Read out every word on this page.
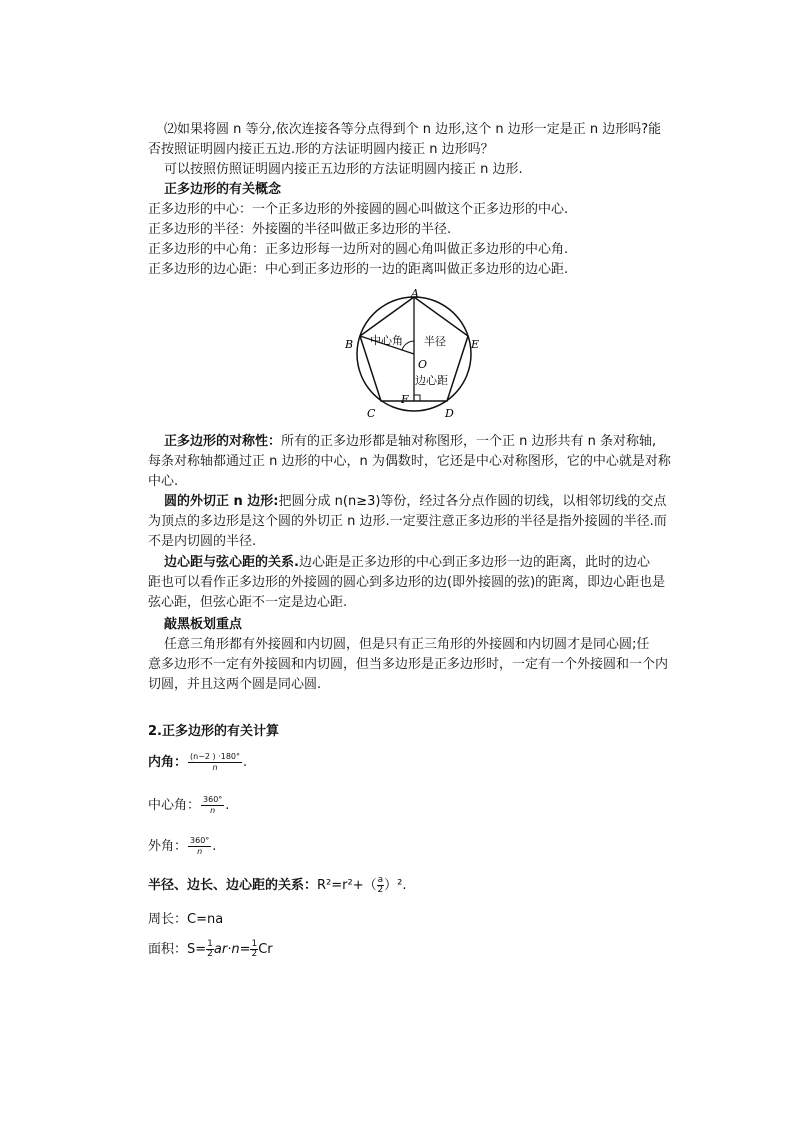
⑵如果将圆 n 等分,依次连接各等分点得到个 n 边形,这个 n 边形一定是正 n 边形吗?能
否按照证明圆内接正五边.形的方法证明圆内接正 n 边形吗？
可以按照仿照证明圆内接正五边形的方法证明圆内接正 n 边形.
正多边形的有关概念
正多边形的中心：一个正多边形的外接圆的圆心叫做这个正多边形的中心.
正多边形的半径：外接圈的半径叫做正多边形的半径.
正多边形的中心角：正多边形每一边所对的圆心角叫做正多边形的中心角.
正多边形的边心距：中心到正多边形的一边的距离叫做正多边形的边心距.
A
B
C	D
E
F
O
中心角 半径
边心距
正多边形的对称性：所有的正多边形都是轴对称图形，一个正 n 边形共有 n 条对称轴,
每条对称轴都通过正 n 边形的中心，n 为偶数时，它还是中心对称图形，它的中心就是对称
中心.
圆的外切正 n 边形:把圆分成 n(n≥3)等份，经过各分点作圆的切线，以相邻切线的交点
为顶点的多边形是这个圆的外切正 n 边形.一定要注意正多边形的半径是指外接圆的半径.而
不是内切圆的半径.
边心距与弦心距的关系.边心距是正多边形的中心到正多边形一边的距离，此时的边心
距也可以看作正多边形的外接圆的圆心到多边形的边(即外接圆的弦)的距离，即边心距也是
弦心距，但弦心距不一定是边心距.
敲黑板划重点
任意三角形都有外接圆和内切圆，但是只有正三角形的外接圆和内切圆才是同心圆;任
意多边形不一定有外接圆和内切圆，但当多边形是正多边形时，一定有一个外接圆和一个内
切圆，并且这两个圆是同心圆.
2.正多边形的有关计算
内角： $\frac{(n-2 ) \cdot 180^\circ}{n}$ .
中心角： $\frac{360^\circ}{n}$ .
外角： $\frac{360^\circ}{n}$ .
半径、边长、边心距的关系：$R^2=r^2+( \frac{a}{2} )^2$.
周长：C=na
面积：$S= \frac{1}{2} ar\cdot n= \frac{1}{2}$ Cr
